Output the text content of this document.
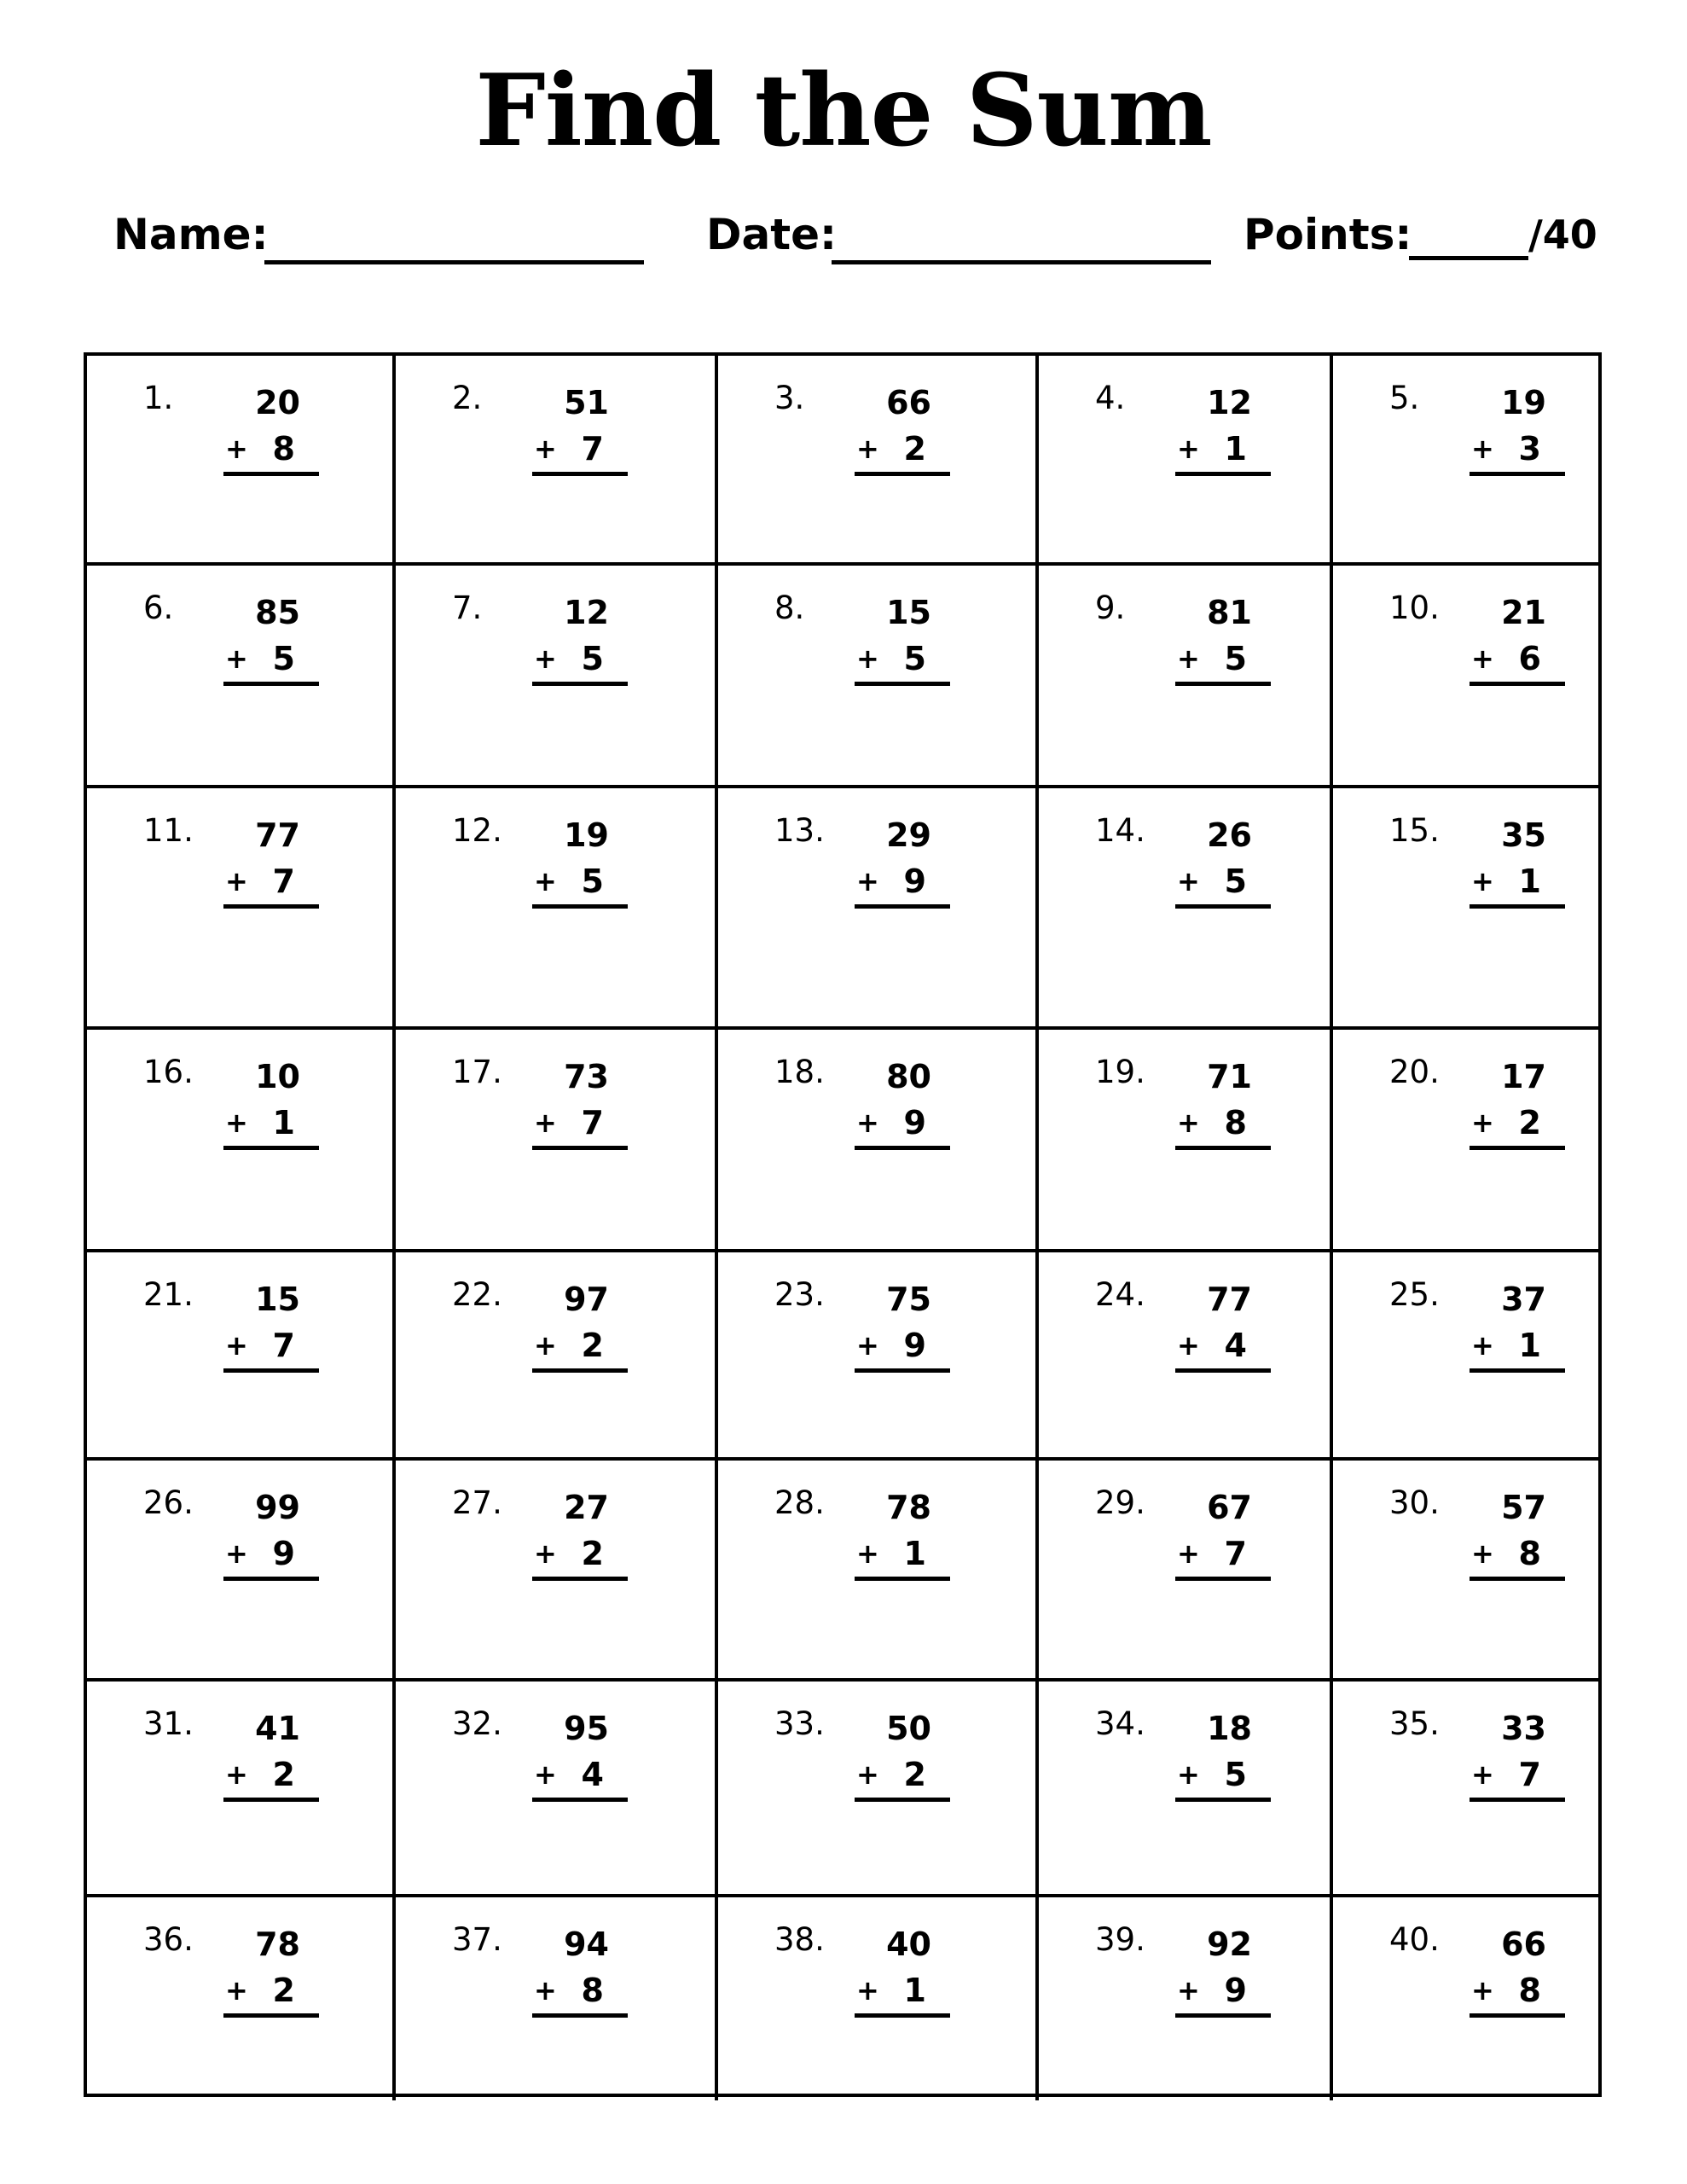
Find the Sum
Name:	Date:	Points:	/40
1.	20
+ 8
2.	51
+ 7
3.	66
+ 2
4.	12
+ 1
5.	19
+ 3
6.	85
+ 5
7.	12
+ 5
8.	15
+ 5
9.	81
+ 5
10.	21
+ 6
11.	77
+ 7
12.	19
+ 5
13.	29
+ 9
14.	26
+ 5
15.	35
+ 1
16.	10
+ 1
17.	73
+ 7
18.	80
+ 9
19.	71
+ 8
20.	17
+ 2
21.	15
+ 7
22.	97
+ 2
23.	75
+ 9
24.	77
+ 4
25.	37
+ 1
26.	99
+ 9
27.	27
+ 2
28.	78
+ 1
29.	67
+ 7
30.	57
+ 8
31.	41
+ 2
32.	95
+ 4
33.	50
+ 2
34.	18
+ 5
35.	33
+ 7
36.	78
+ 2
37.	94
+ 8
38.	40
+ 1
39.	92
+ 9
40.	66
+ 8
